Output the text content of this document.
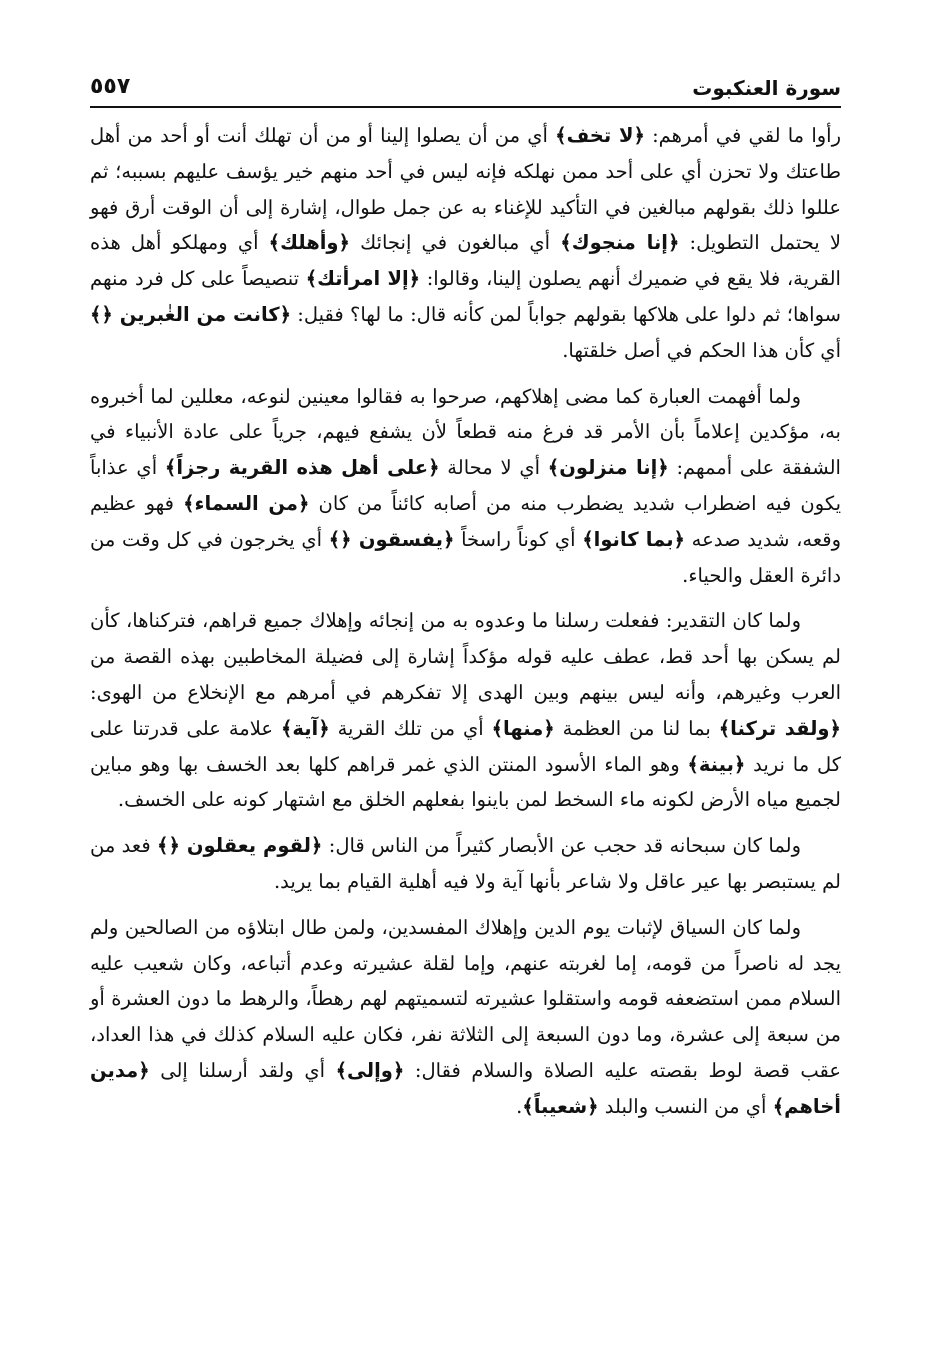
سورة العنكبوت
٥٥٧

رأوا ما لقي في أمرهم: ﴿لا تخف﴾ أي من أن يصلوا إلينا أو من أن تهلك أنت أو أحد من أهل طاعتك ولا تحزن أي على أحد ممن نهلكه فإنه ليس في أحد منهم خير يؤسف عليهم بسببه؛ ثم عللوا ذلك بقولهم مبالغين في التأكيد للإغناء به عن جمل طوال، إشارة إلى أن الوقت أرق فهو لا يحتمل التطويل: ﴿إنا منجوك﴾ أي مبالغون في إنجائك ﴿وأهلك﴾ أي ومهلكو أهل هذه القرية، فلا يقع في ضميرك أنهم يصلون إلينا، وقالوا: ﴿إلا امرأتك﴾ تنصيصاً على كل فرد منهم سواها؛ ثم دلوا على هلاكها بقولهم جواباً لمن كأنه قال: ما لها؟ فقيل: ﴿كانت من الغٰبرين ﴿﴾ أي كأن هذا الحكم في أصل خلقتها.

ولما أفهمت العبارة كما مضى إهلاكهم، صرحوا به فقالوا معينين لنوعه، معللين لما أخبروه به، مؤكدين إعلاماً بأن الأمر قد فرغ منه قطعاً لأن يشفع فيهم، جرياً على عادة الأنبياء في الشفقة على أممهم: ﴿إنا منزلون﴾ أي لا محالة ﴿على أهل هذه القرية رجزاً﴾ أي عذاباً يكون فيه اضطراب شديد يضطرب منه من أصابه كائناً من كان ﴿من السماء﴾ فهو عظيم وقعه، شديد صدعه ﴿بما كانوا﴾ أي كوناً راسخاً ﴿يفسقون ﴿﴾ أي يخرجون في كل وقت من دائرة العقل والحياء.

ولما كان التقدير: ففعلت رسلنا ما وعدوه به من إنجائه وإهلاك جميع قراهم، فتركناها، كأن لم يسكن بها أحد قط، عطف عليه قوله مؤكداً إشارة إلى فضيلة المخاطبين بهذه القصة من العرب وغيرهم، وأنه ليس بينهم وبين الهدى إلا تفكرهم في أمرهم مع الإنخلاع من الهوى: ﴿ولقد تركنا﴾ بما لنا من العظمة ﴿منها﴾ أي من تلك القرية ﴿آية﴾ علامة على قدرتنا على كل ما نريد ﴿بينة﴾ وهو الماء الأسود المنتن الذي غمر قراهم كلها بعد الخسف بها وهو مباين لجميع مياه الأرض لكونه ماء السخط لمن باينوا بفعلهم الخلق مع اشتهار كونه على الخسف.

ولما كان سبحانه قد حجب عن الأبصار كثيراً من الناس قال: ﴿لقوم يعقلون ﴿﴾ فعد من لم يستبصر بها عير عاقل ولا شاعر بأنها آية ولا فيه أهلية القيام بما يريد.

ولما كان السياق لإثبات يوم الدين وإهلاك المفسدين، ولمن طال ابتلاؤه من الصالحين ولم يجد له ناصراً من قومه، إما لغربته عنهم، وإما لقلة عشيرته وعدم أتباعه، وكان شعيب عليه السلام ممن استضعفه قومه واستقلوا عشيرته لتسميتهم لهم رهطاً، والرهط ما دون العشرة أو من سبعة إلى عشرة، وما دون السبعة إلى الثلاثة نفر، فكان عليه السلام كذلك في هذا العداد، عقب قصة لوط بقصته عليه الصلاة والسلام فقال: ﴿وإلى﴾ أي ولقد أرسلنا إلى ﴿مدين أخاهم﴾ أي من النسب والبلد ﴿شعيباً﴾.
